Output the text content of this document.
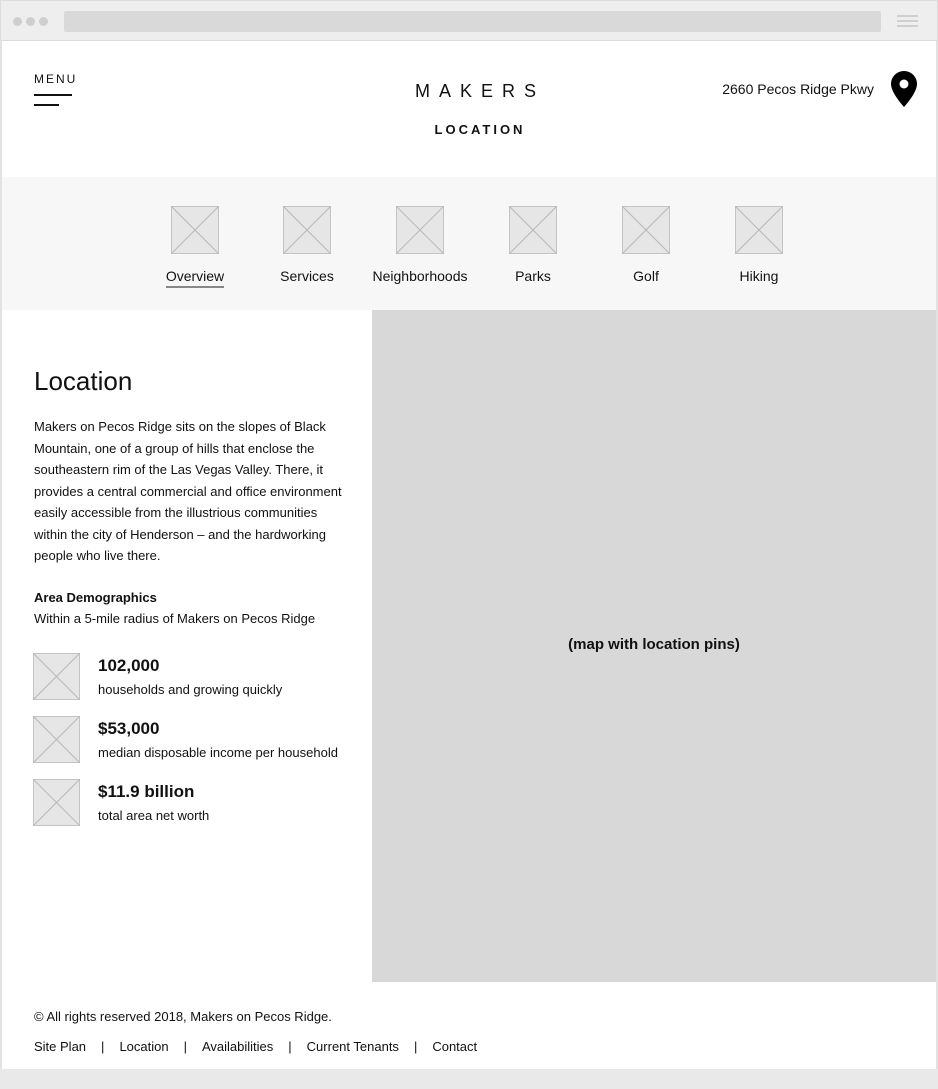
MENU
MAKERS
LOCATION
2660 Pecos Ridge Pkwy
Overview	Services	Neighborhoods	Parks	Golf	Hiking
Location

Makers on Pecos Ridge sits on the slopes of Black Mountain, one of a group of hills that enclose the southeastern rim of the Las Vegas Valley. There, it provides a central commercial and office environment easily accessible from the illustrious communities within the city of Henderson – and the hardworking people who live there.

Area Demographics
Within a 5-mile radius of Makers on Pecos Ridge
102,000
households and growing quickly
$53,000
median disposable income per household
$11.9 billion
total area net worth
(map with location pins)
© All rights reserved 2018, Makers on Pecos Ridge.
Site Plan | Location | Availabilities | Current Tenants | Contact
